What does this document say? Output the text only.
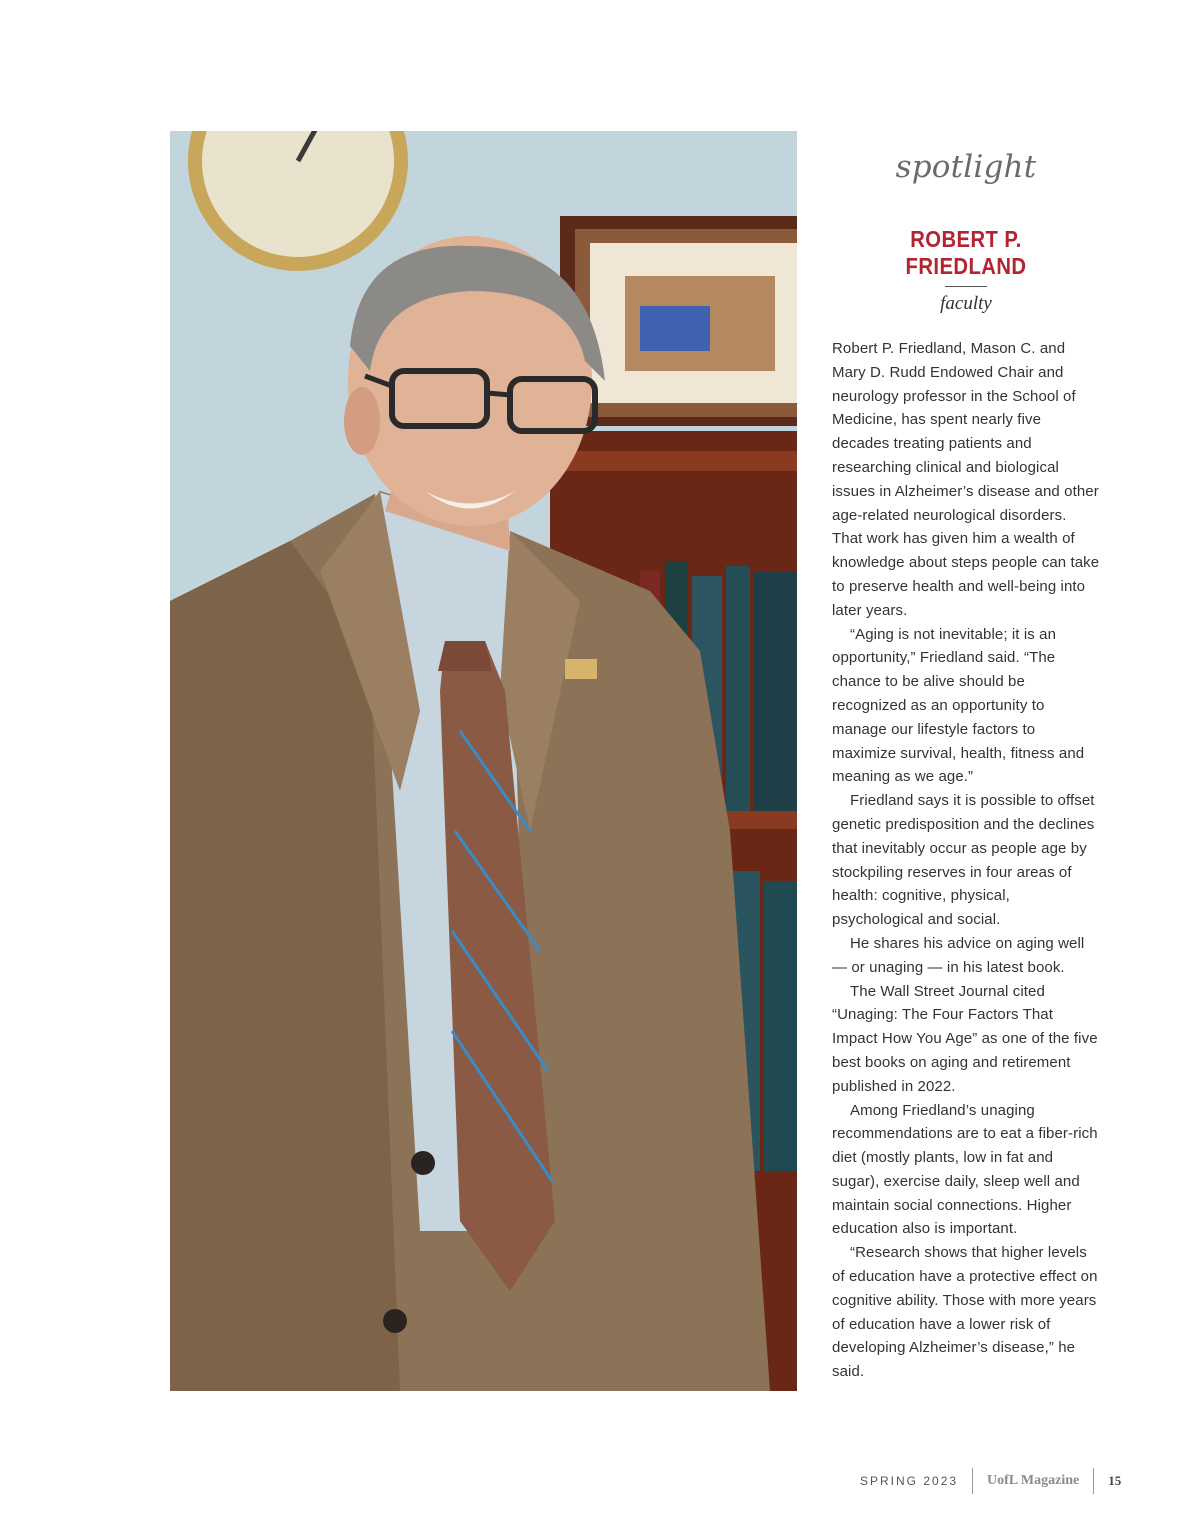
spotlight
ROBERT P. FRIEDLAND
faculty

Robert P. Friedland, Mason C. and Mary D. Rudd Endowed Chair and neurology professor in the School of Medicine, has spent nearly five decades treating patients and researching clinical and biological issues in Alzheimer’s disease and other age-related neurological disorders. That work has given him a wealth of knowledge about steps people can take to preserve health and well-being into later years.

“Aging is not inevitable; it is an opportunity,” Friedland said. “The chance to be alive should be recognized as an opportunity to manage our lifestyle factors to maximize survival, health, fitness and meaning as we age.”

Friedland says it is possible to offset genetic predisposition and the declines that inevitably occur as people age by stockpiling reserves in four areas of health: cognitive, physical, psychological and social.

He shares his advice on aging well — or unaging — in his latest book.

The Wall Street Journal cited “Unaging: The Four Factors That Impact How You Age” as one of the five best books on aging and retirement published in 2022.

Among Friedland’s unaging recommendations are to eat a fiber-rich diet (mostly plants, low in fat and sugar), exercise daily, sleep well and maintain social connections. Higher education also is important.

“Research shows that higher levels of education have a protective effect on cognitive ability. Those with more years of education have a lower risk of developing Alzheimer’s disease,” he said.

SPRING 2023 UofL Magazine 15
